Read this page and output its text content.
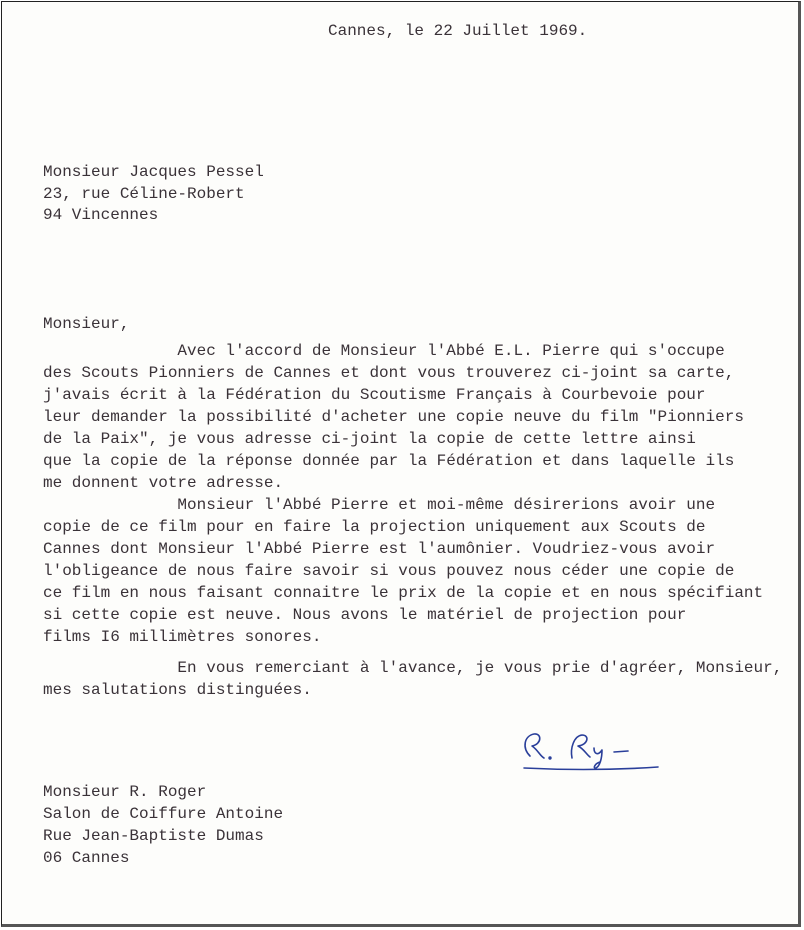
Cannes, le 22 Juillet 1969.
Monsieur Jacques Pessel
23, rue Céline-Robert
94 Vincennes
Monsieur,
Avec l'accord de Monsieur l'Abbé E.L. Pierre qui s'occupe
des Scouts Pionniers de Cannes et dont vous trouverez ci-joint sa carte,
j'avais écrit à la Fédération du Scoutisme Français à Courbevoie pour
leur demander la possibilité d'acheter une copie neuve du film "Pionniers
de la Paix", je vous adresse ci-joint la copie de cette lettre ainsi
que la copie de la réponse donnée par la Fédération et dans laquelle ils
me donnent votre adresse.
Monsieur l'Abbé Pierre et moi-même désirerions avoir une
copie de ce film pour en faire la projection uniquement aux Scouts de
Cannes dont Monsieur l'Abbé Pierre est l'aumônier. Voudriez-vous avoir
l'obligeance de nous faire savoir si vous pouvez nous céder une copie de
ce film en nous faisant connaitre le prix de la copie et en nous spécifiant
si cette copie est neuve. Nous avons le matériel de projection pour
films I6 millimètres sonores.
En vous remerciant à l'avance, je vous prie d'agréer, Monsieur,
mes salutations distinguées.
Monsieur R. Roger
Salon de Coiffure Antoine
Rue Jean-Baptiste Dumas
06 Cannes
